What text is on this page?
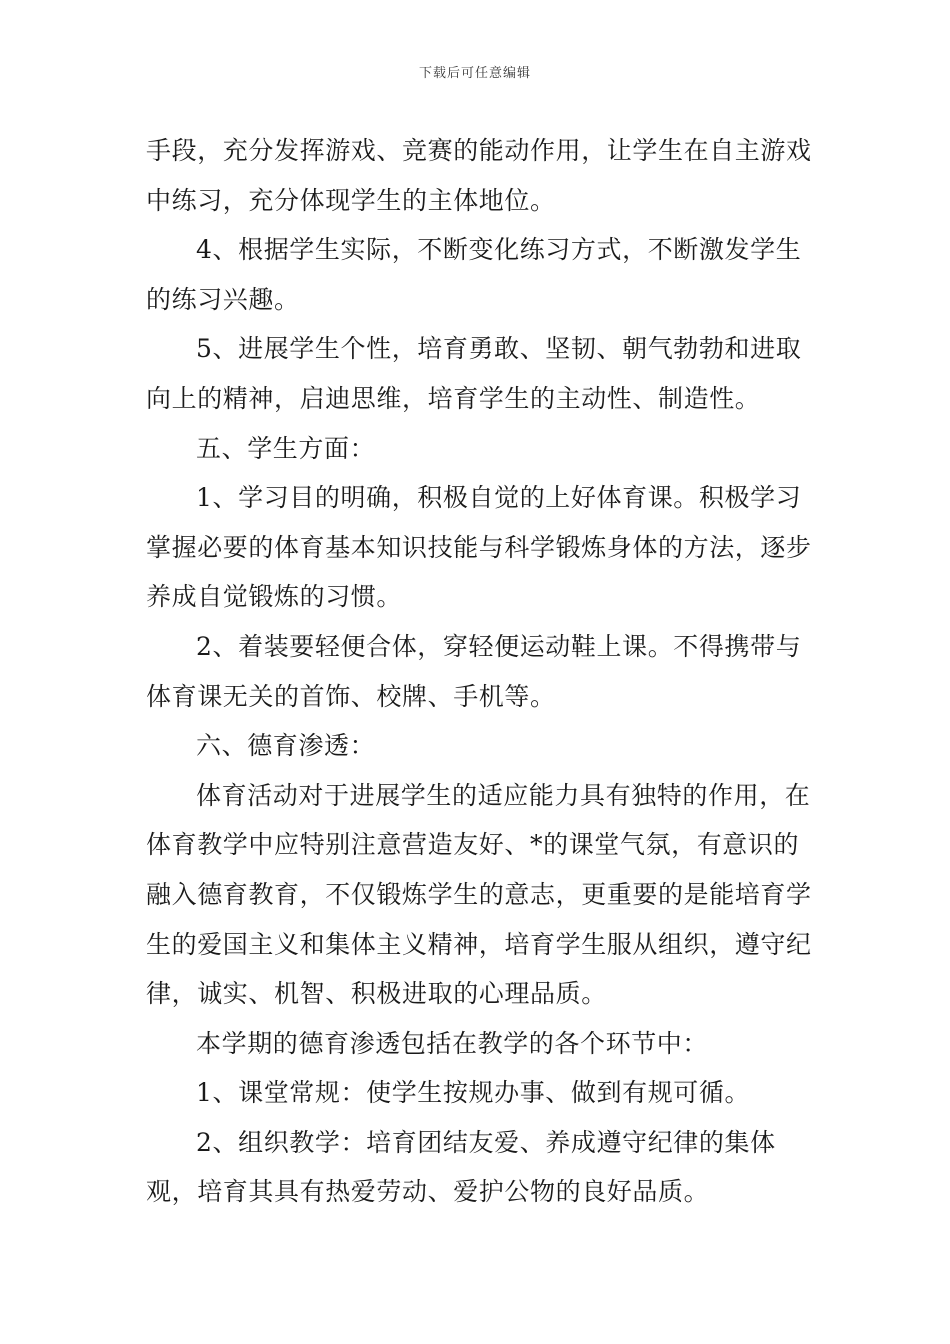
下载后可任意编辑

手段，充分发挥游戏、竞赛的能动作用，让学生在自主游戏中练习，充分体现学生的主体地位。

4、根据学生实际，不断变化练习方式，不断激发学生的练习兴趣。

5、进展学生个性，培育勇敢、坚韧、朝气勃勃和进取向上的精神，启迪思维，培育学生的主动性、制造性。

五、学生方面：

1、学习目的明确，积极自觉的上好体育课。积极学习掌握必要的体育基本知识技能与科学锻炼身体的方法，逐步养成自觉锻炼的习惯。

2、着装要轻便合体，穿轻便运动鞋上课。不得携带与体育课无关的首饰、校牌、手机等。

六、德育渗透：

体育活动对于进展学生的适应能力具有独特的作用，在体育教学中应特别注意营造友好、*的课堂气氛，有意识的融入德育教育，不仅锻炼学生的意志，更重要的是能培育学生的爱国主义和集体主义精神，培育学生服从组织，遵守纪律，诚实、机智、积极进取的心理品质。

本学期的德育渗透包括在教学的各个环节中：

1、课堂常规：使学生按规办事、做到有规可循。

2、组织教学：培育团结友爱、养成遵守纪律的集体观，培育其具有热爱劳动、爱护公物的良好品质。
